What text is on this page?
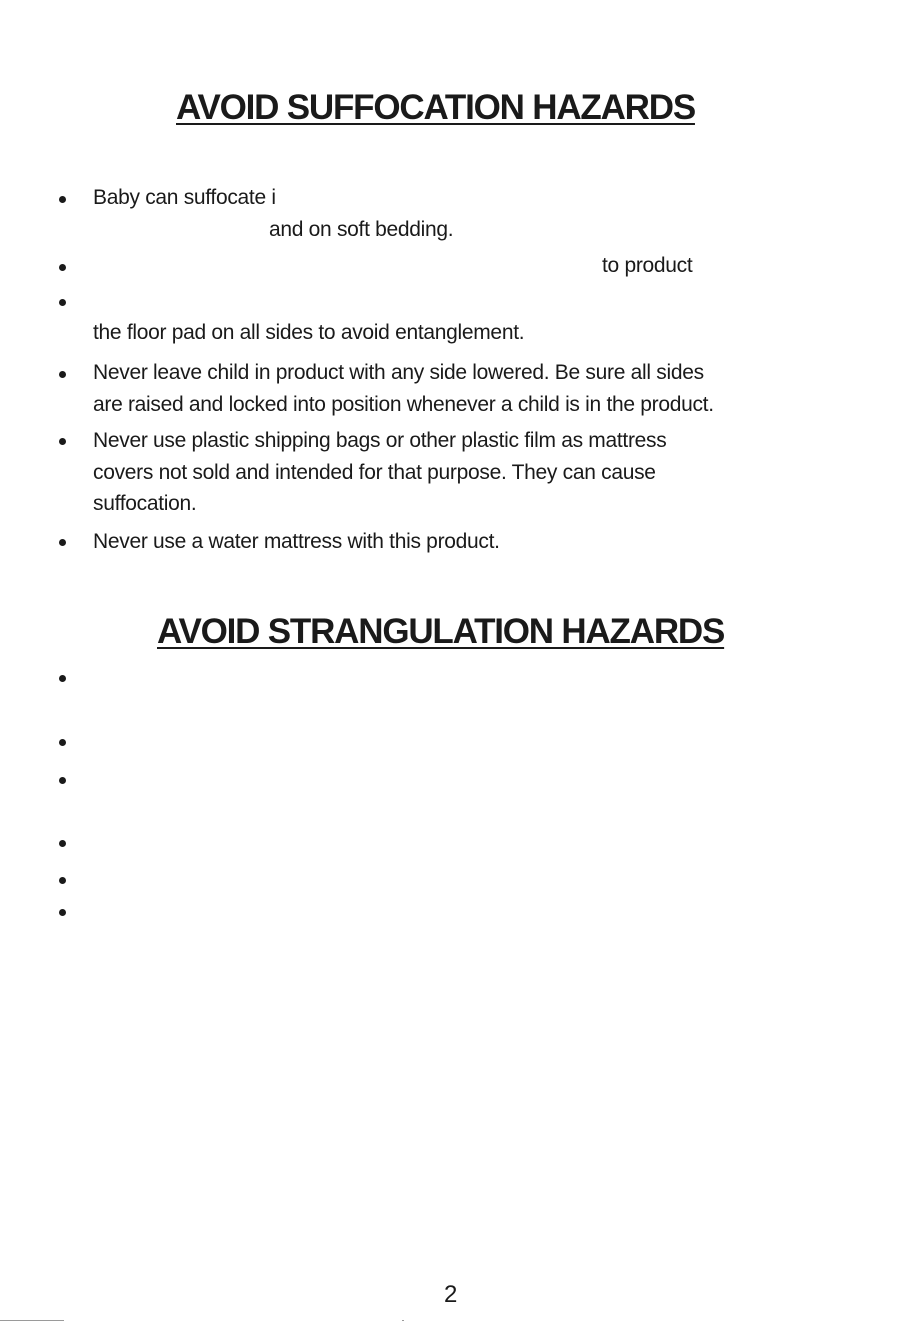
AVOID SUFFOCATION HAZARDS
Baby can suffocate i
and on soft bedding.
to product
the floor pad on all sides to avoid entanglement.
Never leave child in product with any side lowered. Be sure all sides
are raised and locked into position whenever a child is in the product.
Never use plastic shipping bags or other plastic film as mattress
covers not sold and intended for that purpose. They can cause
suffocation.
Never use a water mattress with this product.
AVOID STRANGULATION HAZARDS
2
